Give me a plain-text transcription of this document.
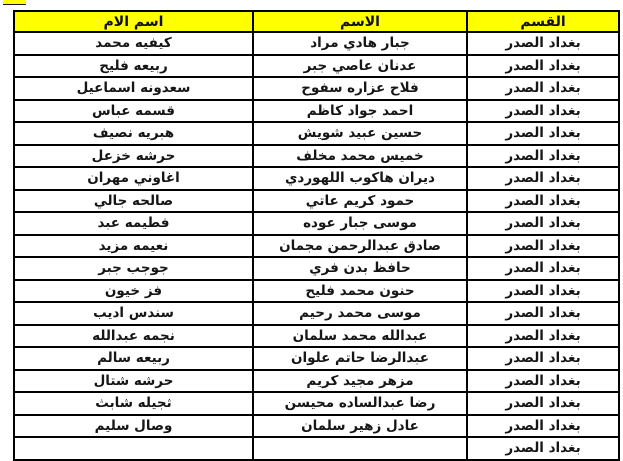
القسم	الاسم	اسم الام
بغداد الصدر	جبار هادي مراد	كيفيه محمد
بغداد الصدر	عدنان عاصي جبر	ربيعه فليح
بغداد الصدر	فلاح عزاره سفوح	سعدونه اسماعيل
بغداد الصدر	احمد جواد كاظم	قسمه عباس
بغداد الصدر	حسين عبيد شويش	هبريه نصيف
بغداد الصدر	خميس محمد مخلف	حرشه خزعل
بغداد الصدر	ديران هاكوب اللهوردي	اغاوني مهران
بغداد الصدر	حمود كريم عاتي	صالحه جالي
بغداد الصدر	موسى جبار عوده	فطيمه عبد
بغداد الصدر	صادق عبدالرحمن مجمان	نعيمه مزيد
بغداد الصدر	حافظ بدن فري	جوجب جبر
بغداد الصدر	حنون محمد فليح	فز خيون
بغداد الصدر	موسى محمد رحيم	سندس اديب
بغداد الصدر	عبدالله محمد سلمان	نجمه عبدالله
بغداد الصدر	عبدالرضا حاتم علوان	ربيعه سالم
بغداد الصدر	مزهر مجيد كريم	حرشه شتال
بغداد الصدر	رضا عبدالساده محيسن	ثجيله شابث
بغداد الصدر	عادل زهير سلمان	وصال سليم
بغداد الصدر		
